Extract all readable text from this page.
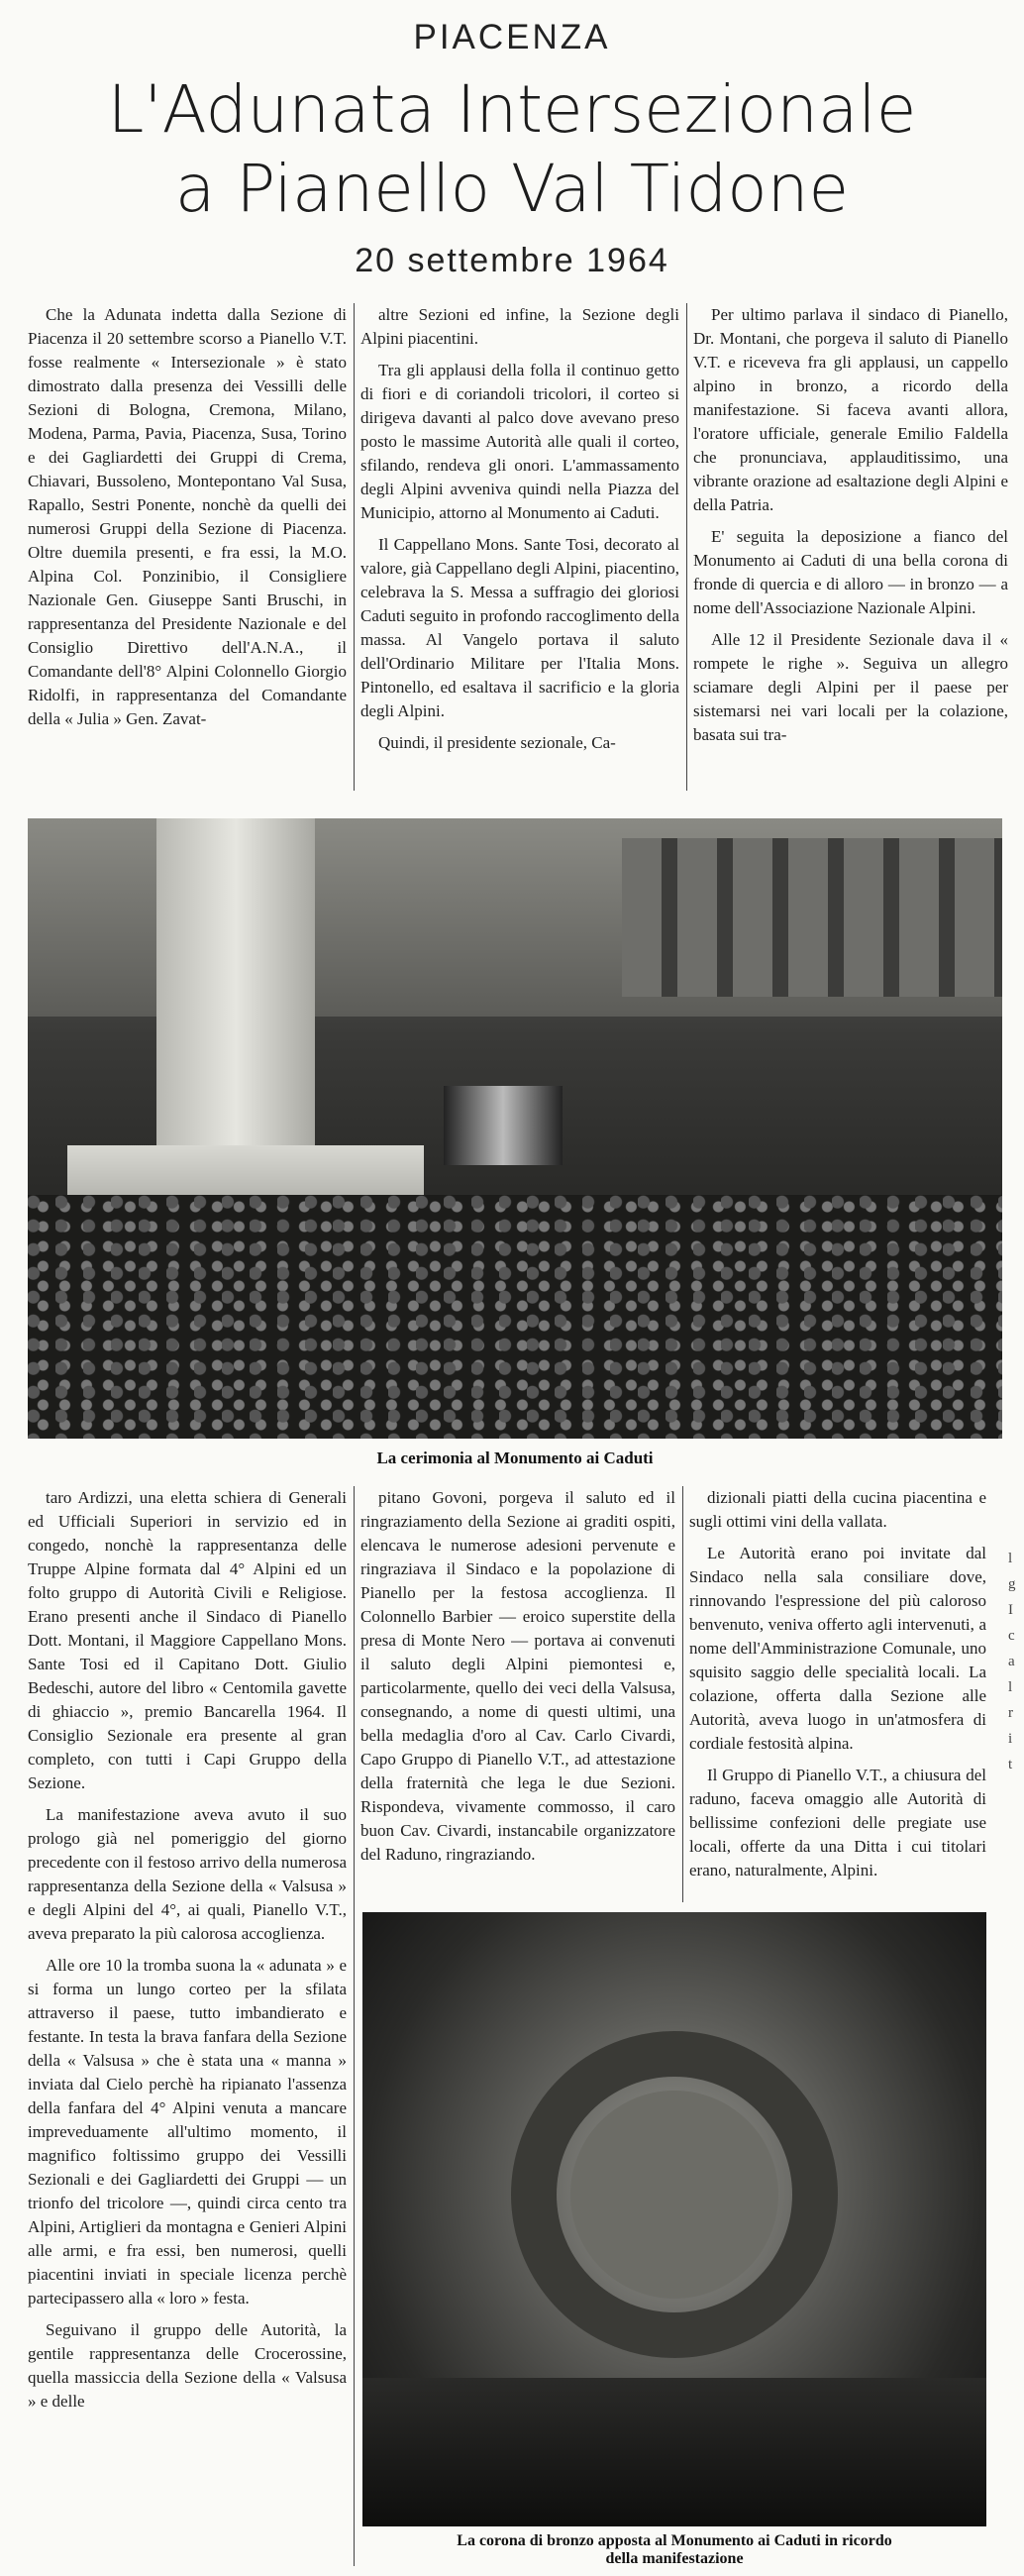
PIACENZA
L'Adunata Intersezionale
a Pianello Val Tidone
20 settembre 1964

Che la Adunata indetta dalla Sezione di Piacenza il 20 settembre scorso a Pianello V.T. fosse realmente « Intersezionale » è stato dimostrato dalla presenza dei Vessilli delle Sezioni di Bologna, Cremona, Milano, Modena, Parma, Pavia, Piacenza, Susa, Torino e dei Gagliardetti dei Gruppi di Crema, Chiavari, Bussoleno, Montepontano Val Susa, Rapallo, Sestri Ponente, nonchè da quelli dei numerosi Gruppi della Sezione di Piacenza. Oltre duemila presenti, e fra essi, la M.O. Alpina Col. Ponzinibio, il Consigliere Nazionale Gen. Giuseppe Santi Bruschi, in rappresentanza del Presidente Nazionale e del Consiglio Direttivo dell'A.N.A., il Comandante dell'8° Alpini Colonnello Giorgio Ridolfi, in rappresentanza del Comandante della « Julia » Gen. Zavat-

altre Sezioni ed infine, la Sezione degli Alpini piacentini.

Tra gli applausi della folla il continuo getto di fiori e di coriandoli tricolori, il corteo si dirigeva davanti al palco dove avevano preso posto le massime Autorità alle quali il corteo, sfilando, rendeva gli onori. L'ammassamento degli Alpini avveniva quindi nella Piazza del Municipio, attorno al Monumento ai Caduti.

Il Cappellano Mons. Sante Tosi, decorato al valore, già Cappellano degli Alpini, piacentino, celebrava la S. Messa a suffragio dei gloriosi Caduti seguito in profondo raccoglimento della massa. Al Vangelo portava il saluto dell'Ordinario Militare per l'Italia Mons. Pintonello, ed esaltava il sacrificio e la gloria degli Alpini.

Quindi, il presidente sezionale, Ca-

Per ultimo parlava il sindaco di Pianello, Dr. Montani, che porgeva il saluto di Pianello V.T. e riceveva fra gli applausi, un cappello alpino in bronzo, a ricordo della manifestazione. Si faceva avanti allora, l'oratore ufficiale, generale Emilio Faldella che pronunciava, applauditissimo, una vibrante orazione ad esaltazione degli Alpini e della Patria.

E' seguita la deposizione a fianco del Monumento ai Caduti di una bella corona di fronde di quercia e di alloro — in bronzo — a nome dell'Associazione Nazionale Alpini.

Alle 12 il Presidente Sezionale dava il « rompete le righe ». Seguiva un allegro sciamare degli Alpini per il paese per sistemarsi nei vari locali per la colazione, basata sui tra-

La cerimonia al Monumento ai Caduti

taro Ardizzi, una eletta schiera di Generali ed Ufficiali Superiori in servizio ed in congedo, nonchè la rappresentanza delle Truppe Alpine formata dal 4° Alpini ed un folto gruppo di Autorità Civili e Religiose. Erano presenti anche il Sindaco di Pianello Dott. Montani, il Maggiore Cappellano Mons. Sante Tosi ed il Capitano Dott. Giulio Bedeschi, autore del libro « Centomila gavette di ghiaccio », premio Bancarella 1964. Il Consiglio Sezionale era presente al gran completo, con tutti i Capi Gruppo della Sezione.

La manifestazione aveva avuto il suo prologo già nel pomeriggio del giorno precedente con il festoso arrivo della numerosa rappresentanza della Sezione della « Valsusa » e degli Alpini del 4°, ai quali, Pianello V.T., aveva preparato la più calorosa accoglienza.

Alle ore 10 la tromba suona la « adunata » e si forma un lungo corteo per la sfilata attraverso il paese, tutto imbandierato e festante. In testa la brava fanfara della Sezione della « Valsusa » che è stata una « manna » inviata dal Cielo perchè ha ripianato l'assenza della fanfara del 4° Alpini venuta a mancare impreveduamente all'ultimo momento, il magnifico foltissimo gruppo dei Vessilli Sezionali e dei Gagliardetti dei Gruppi — un trionfo del tricolore —, quindi circa cento tra Alpini, Artiglieri da montagna e Genieri Alpini alle armi, e fra essi, ben numerosi, quelli piacentini inviati in speciale licenza perchè partecipassero alla « loro » festa.

Seguivano il gruppo delle Autorità, la gentile rappresentanza delle Crocerossine, quella massiccia della Sezione della « Valsusa » e delle

pitano Govoni, porgeva il saluto ed il ringraziamento della Sezione ai graditi ospiti, elencava le numerose adesioni pervenute e ringraziava il Sindaco e la popolazione di Pianello per la festosa accoglienza. Il Colonnello Barbier — eroico superstite della presa di Monte Nero — portava ai convenuti il saluto degli Alpini piemontesi e, particolarmente, quello dei veci della Valsusa, consegnando, a nome di questi ultimi, una bella medaglia d'oro al Cav. Carlo Civardi, Capo Gruppo di Pianello V.T., ad attestazione della fraternità che lega le due Sezioni. Rispondeva, vivamente commosso, il caro buon Cav. Civardi, instancabile organizzatore del Raduno, ringraziando.

dizionali piatti della cucina piacentina e sugli ottimi vini della vallata.

Le Autorità erano poi invitate dal Sindaco nella sala consiliare dove, rinnovando l'espressione del più caloroso benvenuto, veniva offerto agli intervenuti, a nome dell'Amministrazione Comunale, uno squisito saggio delle specialità locali. La colazione, offerta dalla Sezione alle Autorità, aveva luogo in un'atmosfera di cordiale festosità alpina.

Il Gruppo di Pianello V.T., a chiusura del raduno, faceva omaggio alle Autorità di bellissime confezioni delle pregiate use locali, offerte da una Ditta i cui titolari erano, naturalmente, Alpini.

La corona di bronzo apposta al Monumento ai Caduti in ricordo
della manifestazione
l
g
I
c
a
l
r
i
t
